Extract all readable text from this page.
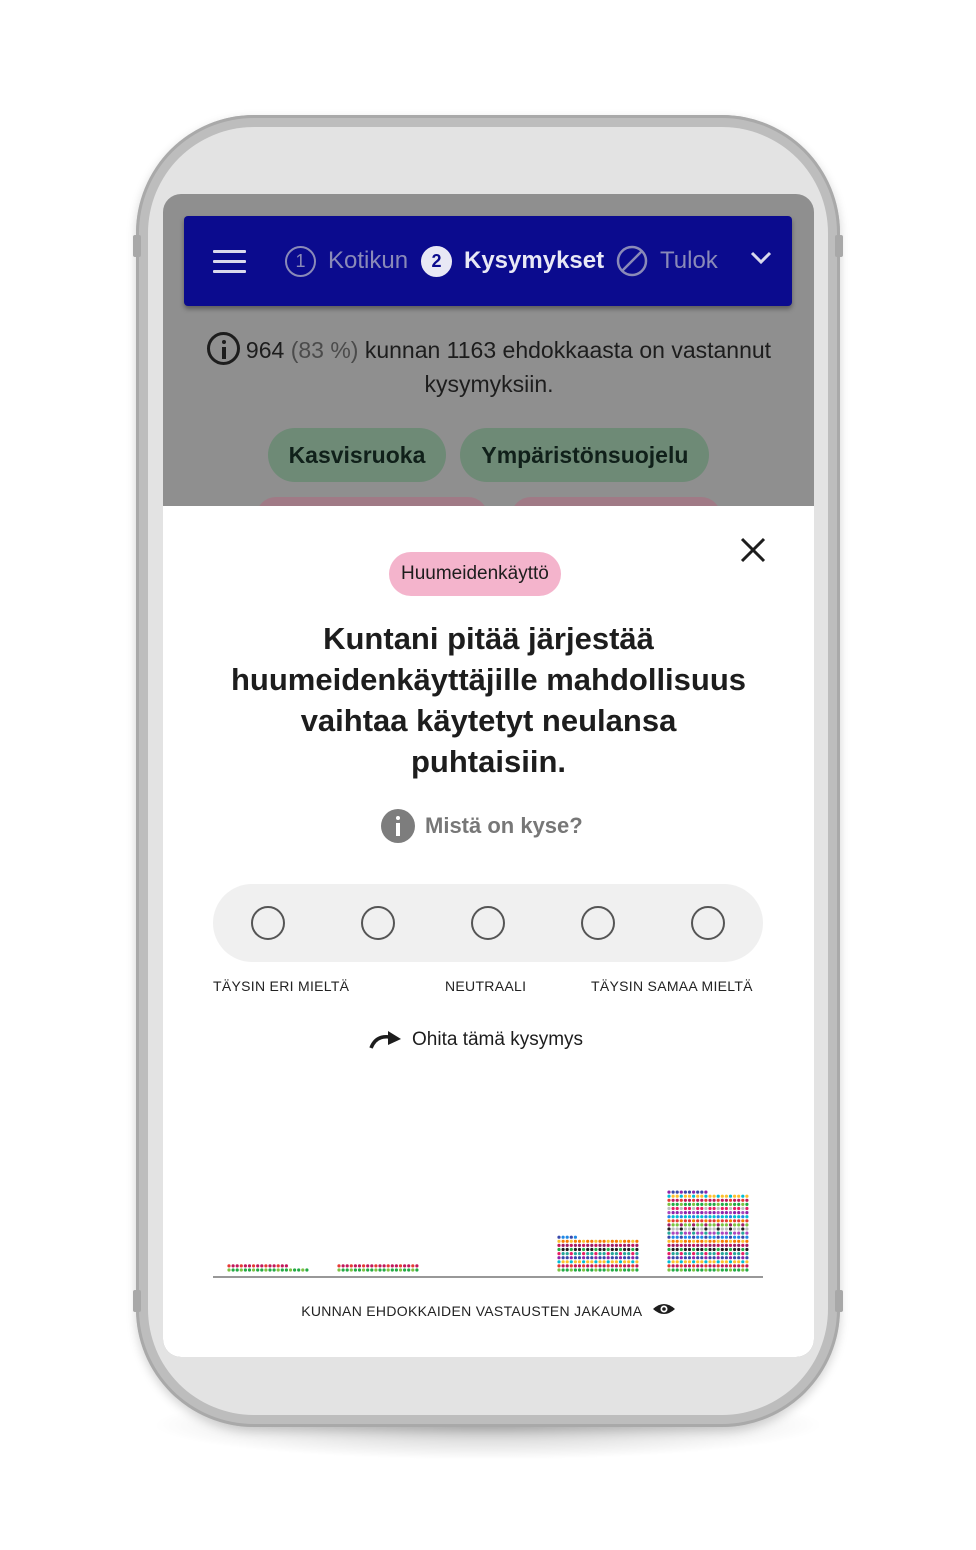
1 Kotikun	2 Kysymykset Tulok
964 (83 %) kunnan 1163 ehdokkaasta on vastannut kysymyksiin.
Kasvisruoka	Ympäristönsuojelu
Huumeidenkäyttö
Kuntani pitää järjestää huumeidenkäyttäjille mahdollisuus vaihtaa käytetyt neulansa puhtaisiin.
Mistä on kyse?
TÄYSIN ERI MIELTÄ	NEUTRAALI	TÄYSIN SAMAA MIELTÄ
Ohita tämä kysymys
KUNNAN EHDOKKAIDEN VASTAUSTEN JAKAUMA
